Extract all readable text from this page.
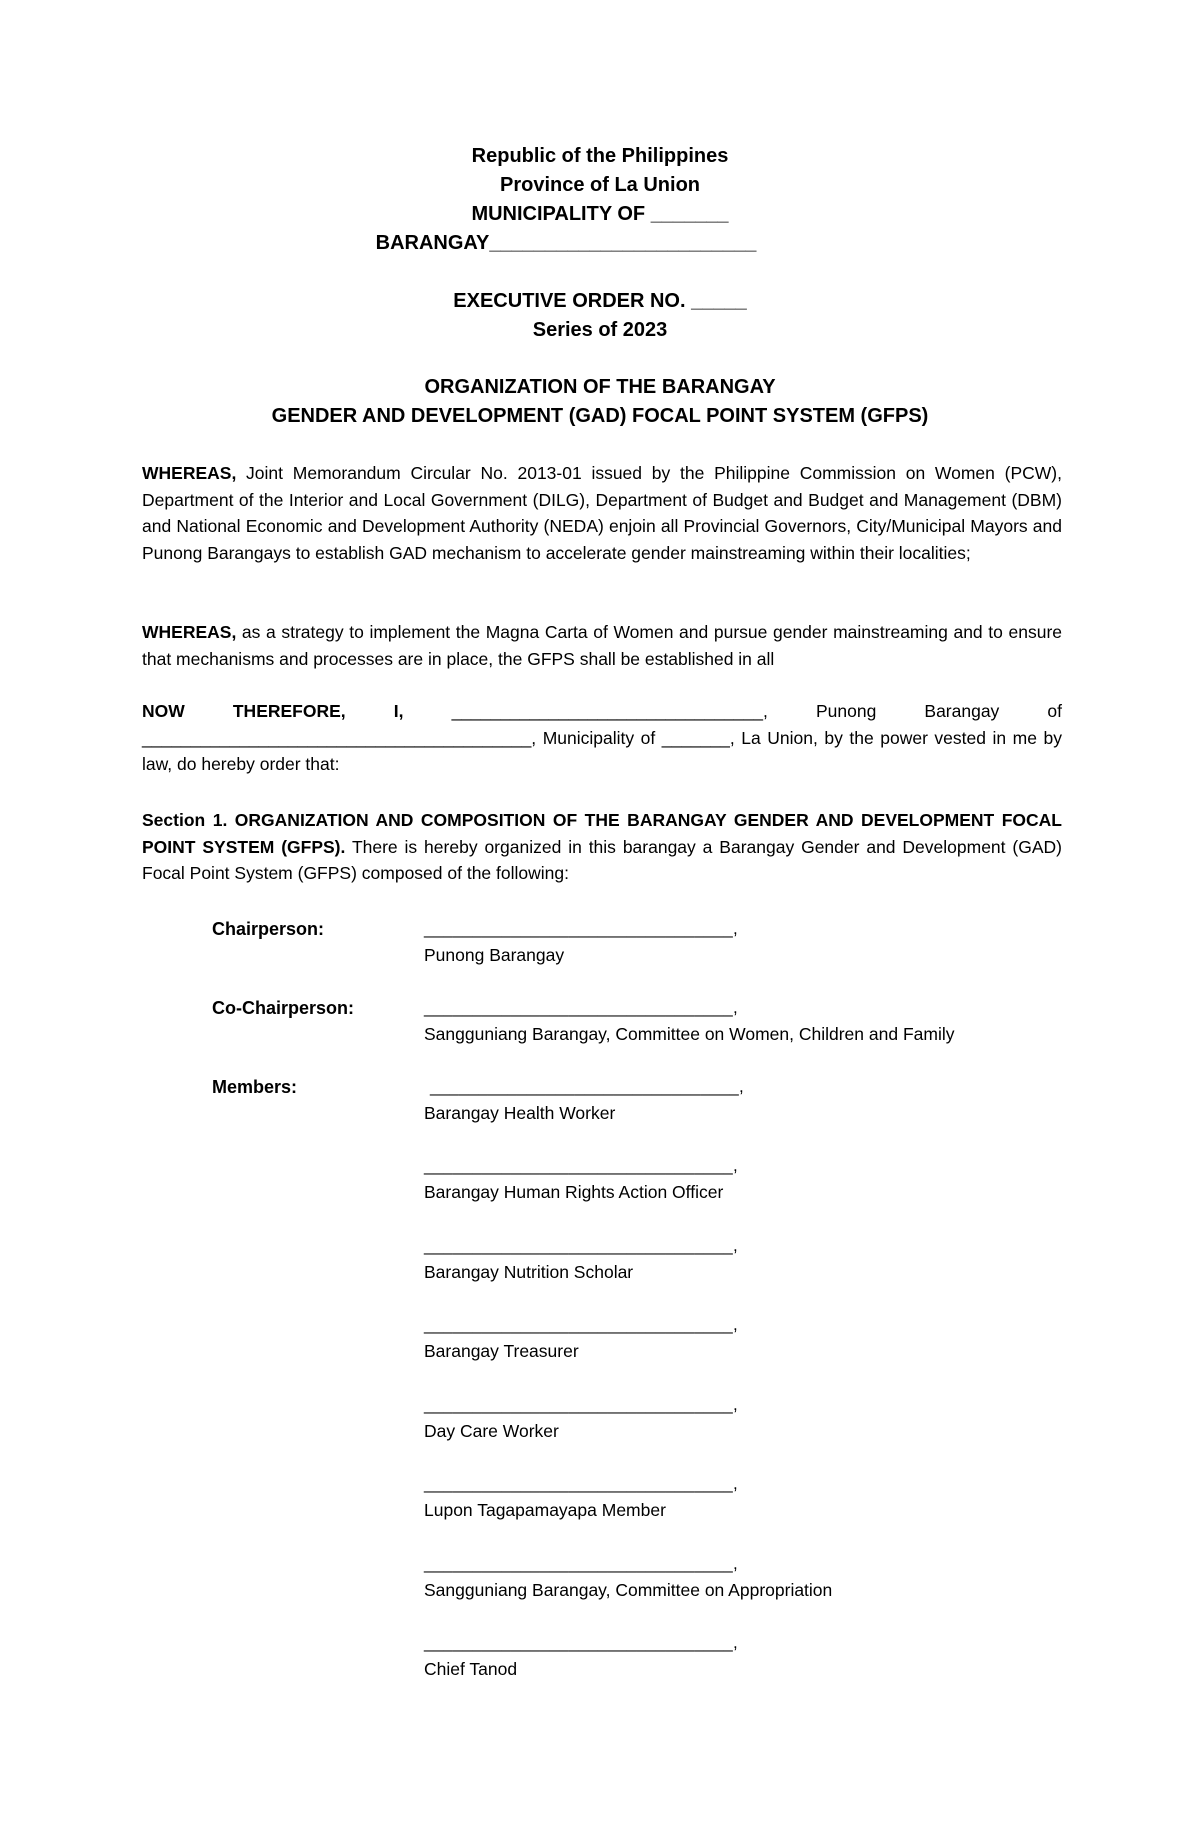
Republic of the Philippines
Province of La Union
MUNICIPALITY OF _______
BARANGAY________________________
EXECUTIVE ORDER NO. _____
Series of 2023
ORGANIZATION OF THE BARANGAY
GENDER AND DEVELOPMENT (GAD) FOCAL POINT SYSTEM (GFPS)
WHEREAS, Joint Memorandum Circular No. 2013-01 issued by the Philippine Commission on Women (PCW), Department of the Interior and Local Government (DILG), Department of Budget and Budget and Management (DBM) and National Economic and Development Authority (NEDA) enjoin all Provincial Governors, City/Municipal Mayors and Punong Barangays to establish GAD mechanism to accelerate gender mainstreaming within their localities;
WHEREAS, as a strategy to implement the Magna Carta of Women and pursue gender mainstreaming and to ensure that mechanisms and processes are in place, the GFPS shall be established in all
NOW THEREFORE, I, ________________________________, Punong Barangay of ________________________________________, Municipality of _______, La Union, by the power vested in me by law, do hereby order that:
Section 1. ORGANIZATION AND COMPOSITION OF THE BARANGAY GENDER AND DEVELOPMENT FOCAL POINT SYSTEM (GFPS). There is hereby organized in this barangay a Barangay Gender and Development (GAD) Focal Point System (GFPS) composed of the following:
Chairperson:	________________________________,
Punong Barangay
Co-Chairperson:	________________________________,
Sangguniang Barangay, Committee on Women, Children and Family
Members:	________________________________,
Barangay Health Worker
________________________________,
Barangay Human Rights Action Officer
________________________________,
Barangay Nutrition Scholar
________________________________,
Barangay Treasurer
________________________________,
Day Care Worker
________________________________,
Lupon Tagapamayapa Member
________________________________,
Sangguniang Barangay, Committee on Appropriation
________________________________,
Chief Tanod
